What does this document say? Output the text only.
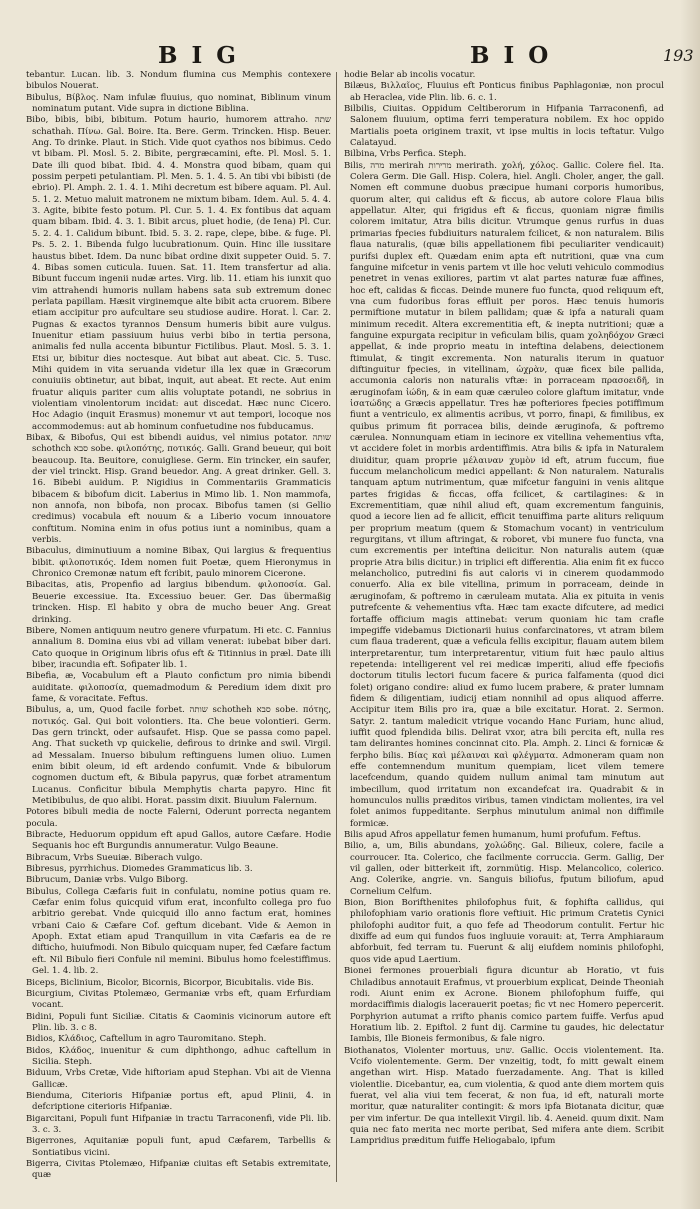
BIG	BIO	193

tebantur. Lucan. lib. 3. Nondum flumina cus Memphis contexere bibulos Nouerat.

Bibulus, Βίβλος. Nam infulæ fluuius, quo nominat, Biblinum vinum nominatum putant. Vide supra in dictione Biblina.

Bibo, bibis, bibi, bibitum. Potum haurio, humorem attraho. שתה schathah. Πίνω. Gal. Boire. Ita. Bere. Germ. Trincken. Hisp. Beuer. Ang. To drinke. Plaut. in Stich. Vide quot cyathos nos bibimus. Cedo vt bibam. Pl. Mosl. 5. 2. Bibite, pergræcamini, efte. Pl. Mosl. 5. 1. Date illi quod bibat. Ibid. 4. 4. Monstra quod bibam, quam qui possim perpeti petulantiam. Pl. Men. 5. 1. 4. 5. An tibi vbi bibisti (de ebrio). Pl. Amph. 2. 1. 4. 1. Mihi decretum est bibere aquam. Pl. Aul. 5. 1. 2. Metuo maluit matronem ne mixtum bibam. Idem. Aul. 5. 4. 4. 3. Agite, bibite festo potum. Pl. Cur. 5. 1. 4. Ex fontibus dat aquam quam bibam. Ibid. 4. 3. 1. Bibit arcus, pluet hodie, (de Iena) Pl. Cur. 5. 2. 4. 1. Calidum bibunt. Ibid. 5. 3. 2. rape, clepe, bibe. & fuge. Pl. Ps. 5. 2. 1. Bibenda fulgo lucubrationum. Quin. Hinc ille iussitare haustus bibet. Idem. Da nunc bibat ordine dixit suppeter Ouid. 5. 7. 4. Bibas somen cuticula. Iuuen. Sat. 11. Item transfertur ad alia. Bibunt fuccum ingenii nudæ artes. Virg. lib. 11. etiam his iunxit quo vim attrahendi humoris nullam habens sata sub extremum donec perlata papillam. Hæsit virginemque alte bibit acta cruorem. Bibere etiam accipitur pro aufcultare seu studiose audire. Horat. l. Car. 2. Pugnas & exactos tyrannos Densum humeris bibit aure vulgus. Inuenitur etiam passiuum huius verbi bibo in tertia persona, animalis fed nulla accenta bibuntur Fictilibus. Plaut. Mosl. 5. 3. 1. Etsi ur, bibitur dies noctesque. Aut bibat aut abeat. Cic. 5. Tusc. Mihi quidem in vita seruanda videtur illa lex quæ in Græcorum conuiuiis obtinetur, aut bibat, inquit, aut abeat. Et recte. Aut enim fruatur aliquis pariter cum aliis voluptate potandi, ne sobrius in violentiam vinolentorum incidat: aut discedat. Hæc nunc Cicero. Hoc Adagio (inquit Erasmus) monemur vt aut tempori, locoque nos accommodemus: aut ab hominum confuetudine nos fubducamus.

Bibax, & Bibofus, Qui est bibendi auidus, vel nimius potator. שותה schothch סבא sobe. φιλοπότης, ποτικός. Galli. Grand beueur, qui boit beaucoup. Ita. Beuitore, conuigliese. Germ. Ein trincker, ein saufer, der viel trinckt. Hisp. Grand beuedor. Ang. A great drinker. Gell. 3. 16. Bibebi auidum. P. Nigidius in Commentariis Grammaticis bibacem & bibofum dicit. Laberius in Mimo lib. 1. Non mammofa, non annofa, non bibofa, non procax. Bibofus tamen (si Gellio credimus) vocabula eft nouum & a Liberio vocum innouatore conftitum. Nomina enim in ofus potius iunt a nominibus, quam a verbis.

Bibaculus, diminutiuum a nomine Bibax, Qui largius & frequentius bibit. φιλοποτικός. Idem nomen fuit Poetæ, quem Hieronymus in Chronico Cremonæ natum eft fcribit, paulo minorem Cicerone.

Bibacitas, atis, Propenfio ad largius bibendum. φιλοποσία. Gal. Beuerie excessiue. Ita. Excessiuo beuer. Ger. Das übermaßig trincken. Hisp. El habito y obra de mucho beuer Ang. Great drinking.

Bibere, Nomen antiquum neutro genere vfurpatum. Hi etc. C. Fannius annalium 8. Domina eius vbi ad villam venerat: iubebat biber dari. Cato quoque in Originum libris ofus eft & Titinnius in præl. Date illi biber, iracundia eft. Sofipater lib. 1.

Bibefia, æ, Vocabulum eft a Plauto confictum pro nimia bibendi auiditate. φιλοποσία, quemadmodum & Peredium idem dixit pro fame, & voracitate. Feftus.

Bibulus, a, um, Quod facile forbet. שותה schotheh סבא sobe. πότης, ποτικός. Gal. Qui boit volontiers. Ita. Che beue volontieri. Germ. Das gern trinckt, oder aufsaufet. Hisp. Que se passa como papel. Ang. That sucketh vp quickelie, defirous to drinke and swil. Virgil. ad Messalam. Inuerso bibulum reftinguens lumen oliuo. Lumen enim bibit oleum, id eft ardendo confumit. Vnde & bibulorum cognomen ductum eft, & Bibula papyrus, quæ forbet atramentum Lucanus. Conficitur bibula Memphytis charta papyro. Hinc fit Metibibulus, de quo alibi. Horat. passim dixit. Biuulum Falernum.

Potores bibuli media de nocte Falerni, Oderunt porrecta negantem pocula.

Bibracte, Heduorum oppidum eft apud Gallos, autore Cæfare. Hodie Sequanis hoc eft Burgundis annumeratur. Vulgo Beaune.

Bibracum, Vrbs Sueuiæ. Biberach vulgo.

Bibresus, pyrrhichus. Diomedes Grammaticus lib. 3.

Bibrucum, Daniæ vrbs. Vulgo Biborg.

Bibulus, Collega Cæfaris fuit in confulatu, nomine potius quam re. Cæfar enim folus quicquid vifum erat, inconfulto collega pro fuo arbitrio gerebat. Vnde quicquid illo anno factum erat, homines vrbani Caio & Cæfare Cof. geftum dicebant. Vide & Aemon in Apoph. Extat etiam apud Tranquillum in vita Cæfaris ea de re difticho, huiufmodi. Non Bibulo quicquam nuper, fed Cæfare factum eft. Nil Bibulo fieri Confule nil memini. Bibulus homo fcelestiffimus. Gel. 1. 4. lib. 2.

Biceps, Biclinium, Bicolor, Bicornis, Bicorpor, Bicubitalis. vide Bis.

Bicurgium, Civitas Ptolemæo, Germaniæ vrbs eft, quam Erfurdiam vocant.

Bidini, Populi funt Siciliæ. Citatis & Caominis vicinorum autore eft Plin. lib. 3. c 8.

Bidios, Κλάδιος, Caftellum in agro Tauromitano. Steph.

Bidos, Κλάδος, inuenitur & cum diphthongo, adhuc caftellum in Sicilia. Steph.

Biduum, Vrbs Cretæ, Vide hiftoriam apud Stephan. Vbi ait de Vienna Gallicæ.

Bienduma, Citerioris Hifpaniæ portus eft, apud Plinii, 4. in defcriptione citerioris Hifpaniæ.

Bigarcitani, Populi funt Hifpaniæ in tractu Tarraconenfi, vide Pli. lib. 3. c. 3.

Bigerrones, Aquitaniæ populi funt, apud Cæfarem, Tarbellis & Sontiatibus vicini.

Bigerra, Civitas Ptolemæo, Hifpaniæ ciuitas eft Setabis extremitate, quæ

hodie Belar ab incolis vocatur.

Bilæus, Βιλλαῖος, Fluuius eft Ponticus finibus Paphlagoniæ, non procul ab Heraclea, vide Plin. lib. 6. c. 1.

Bilbilis, Ciuitas. Oppidum Celtiberorum in Hifpania Tarraconenfi, ad Salonem fluuium, optima ferri temperatura nobilem. Ex hoc oppido Martialis poeta originem traxit, vt ipse multis in locis teftatur. Vulgo Calatayud.

Bilbina, Vrbs Perfica. Steph.

Bilis, מרה merirah מרירות merirath. χολή, χόλος. Gallic. Colere fiel. Ita. Colera Germ. Die Gall. Hisp. Colera, hiel. Angli. Choler, anger, the gall. Nomen eft commune duobus præcipue humani corporis humoribus, quorum alter, qui calidus eft & ficcus, ab autore colore Flaua bilis appellatur. Alter, qui frigidus eft & ficcus, quoniam nigræ fimilis colorem imitatur, Atra bilis dicitur. Vtrumque genus rurfus in duas primarias fpecies fubdiuiturs naturalem fcilicet, & non naturalem. Bilis flaua naturalis, (quæ bilis appellationem fibi peculiariter vendicauit) purifsi duplex eft. Quædam enim apta eft nutritioni, quæ vna cum fanguine mifcetur in venis partem vt ille hoc veluti vehiculo commodius penetret in venas exiliores, partim vt alat partes naturæ fuæ affines, hoc eft, calidas & ficcas. Deinde munere fuo functa, quod reliquum eft, vna cum fudoribus foras effluit per poros. Hæc tenuis humoris permiftione mutatur in bilem pallidam; quæ & ipfa a naturali quam minimum recedit. Altera excrementitia eft, & inepta nutritioni; quæ a fanguine expurgata recipitur in veficulam bilis, quam χοληδόχον Græci appellat, & inde proprio meatu in inteftina delabens, deiectionem ftimulat, & tingit excrementa. Non naturalis iterum in quatuor diftinguitur fpecies, in vitellinam, ὠχρὰν, quæ ficex bile pallida, accumonia caloris non naturalis vftæ: in porraceam πρασοειδῆ, in æruginofam ἰώδη, & in eam quæ cæruleo colore glaftum imitatur, vnde ἰσατώδης a Græcis appellatur. Tres hæ pofteriores fpecies potiffimum fiunt a ventriculo, ex alimentis acribus, vt porro, finapi, & fimilibus, ex quibus primum fit porracea bilis, deinde æruginofa, & poftremo cærulea. Nonnunquam etiam in iecinore ex vitellina vehementius vfta, vt accidere folet in morbis ardentiffimis. Atra bilis & ipfa in Naturalem diuiditur, quam proprie μέλαιναν χυμὸν id eft, atrum fuccum, fiue fuccum melancholicum medici appellant: & Non naturalem. Naturalis tanquam aptum nutrimentum, quæ mifcetur fanguini in venis alitque partes frigidas & ficcas, offa fcilicet, & cartilagines: & in Excrementitiam, quæ nihil aliud eft, quam excrementum fanguinis, quod a iecore lien ad fe allicit, efficit tenuiffima parte aliturs reliquum per proprium meatum (quem & Stomachum vocant) in ventriculum regurgitans, vt illum aftringat, & roboret, vbi munere fuo functa, vna cum excrementis per inteftina deiicitur. Non naturalis autem (quæ proprie Atra bilis dicitur.) in triplici eft differentia. Alia enim fit ex fucco melancholico, putredini fis aut caloris vi in cinerem quodammodo conuerfo. Alia ex bile vitellina, primum in porraceam, deinde in æruginofam, & poftremo in cæruleam mutata. Alia ex pituita in venis putrefcente & vehementius vfta. Hæc tam exacte difcutere, ad medici fortaffe officium magis attinebat: verum quoniam hic tam crafle impegiffe videbamus Dictionarii huius confarcinatores, vt atram bilem cum flaua traderent, quæ a veficula fellis excipitur, flauam autem bilem interpretarentur, tum interpretarentur, vitium fuit hæc paulo altius repetenda: intelligerent vel rei medicæ imperiti, aliud effe fpeciofis doctorum titulis lectori fucum facere & purica falfamenta (quod dici folet) origano condire: aliud ex fumo lucem prabere, & prater lumnam fidem & diligentiam, iudicij etiam nonnihil ad opus aliquod afferre. Accipitur item Bilis pro ira, quæ a bile excitatur. Horat. 2. Sermon. Satyr. 2. tantum maledicit vtrique vocando Hanc Furiam, hunc aliud, iuffit quod fplendida bilis. Delirat vxor, atra bili percita eft, nulla res tam delirantes homines concinnat cito. Pla. Amph. 2. Linci & fornicæ & ferpho bilis. Βίας καὶ μέλαιναι καὶ φλέγματα. Admoneram quam non effe contemnendum munitum quempiam, licet vilem temere lacefcendum, quando quidem nullum animal tam minutum aut imbecillum, quod irritatum non excandefcat ira. Quadrabit & in homunculos nullis præditos viribus, tamen vindictam molientes, ira vel folet animos fuppeditante. Serphus minutulum animal non diffimile formicæ.

Bilis apud Afros appellatur femen humanum, humi profufum. Feftus.

Bilio, a, um, Bilis abundans, χολώδης. Gal. Bilieux, colere, facile a courroucer. Ita. Colerico, che facilmente corruccia. Germ. Gallig, Der vil gallen, oder bitterkeit ift, zornmütig. Hisp. Melancolico, colerico. Ang. Colerike, angrie. vn. Sanguis biliofus, fputum biliofum, apud Cornelium Celfum.

Bion, Bion Borifthenites philofophus fuit, & fophifta callidus, qui philofophiam vario orationis flore veftiuit. Hic primum Cratetis Cynici philofophi auditor fuit, a quo fefe ad Theodorum contulit. Fertur hic dixiffe ad eum qui fundos fuos ingluuie vorauit: at, Terra Amphiaraum abforbuit, fed terram tu. Fuerunt & alij eiufdem nominis philofophi, quos vide apud Laertium.

Bionei fermones prouerbiali figura dicuntur ab Horatio, vt fuis Chiladibus annotauit Erafmus, vt prouerbium explicat, Deinde Theoniah rodi. Aiunt enim ex Acrone. Bionem philofophum fuiffe, qui mordaciffimis dialogis lacerauerit poetas; fic vt nec Homero pepercerit. Porphyrion autumat a rrifto phanis comico partem fuiffe. Verfus apud Horatium lib. 2. Epiftol. 2 funt dij. Carmine tu gaudes, hic delectatur Iambis, Ille Bioneis fermonibus, & fale nigro.

Biothanatos, Violenter mortuus, שחט. Gallic. Occis violentement. Ita. Vcifo violentemente. Germ. Der vnzeitig, todt, fo mitt gewalt einem angethan wirt. Hisp. Matado fuerzadamente. Ang. That is killed violentlie. Dicebantur, ea, cum violentia, & quod ante diem mortem quis fuerat, vel alia viui tem fecerat, & non fua, id eft, naturali morte moritur, quæ naturaliter contingit: & mors ipfa Biotanata dicitur, quæ per vim infertur. De qua intellexit Virgil. lib. 4. Aeneid. quum dixit. Nam quia nec fato merita nec morte peribat, Sed mifera ante diem. Scribit Lampridius præditum fuiffe Heliogabalo, ipfum
